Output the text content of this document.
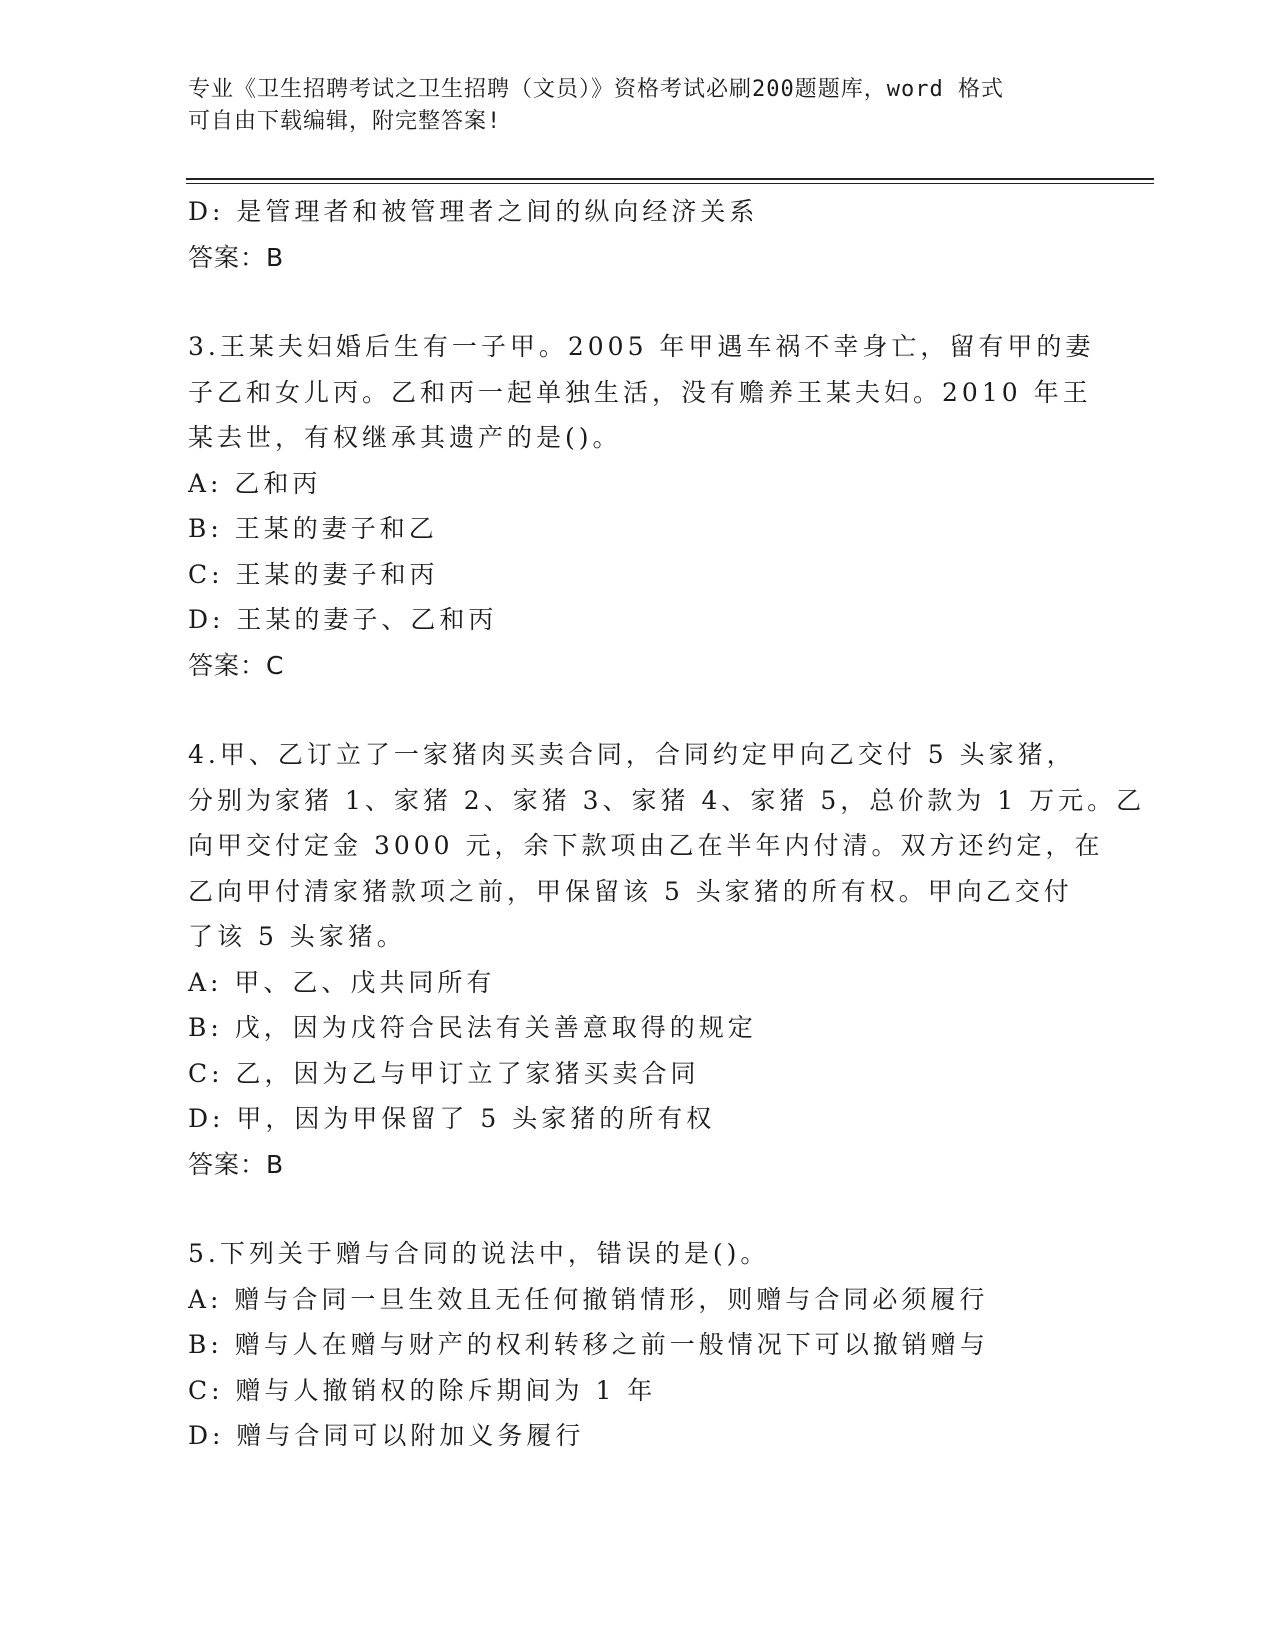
专业《卫生招聘考试之卫生招聘（文员）》资格考试必刷200题题库，word 格式
可自由下载编辑，附完整答案!
D: 是管理者和被管理者之间的纵向经济关系
答案：B
3.王某夫妇婚后生有一子甲。2005 年甲遇车祸不幸身亡，留有甲的妻
子乙和女儿丙。乙和丙一起单独生活，没有赡养王某夫妇。2010 年王
某去世，有权继承其遗产的是()。
A: 乙和丙
B: 王某的妻子和乙
C: 王某的妻子和丙
D: 王某的妻子、乙和丙
答案：C
4.甲、乙订立了一家猪肉买卖合同，合同约定甲向乙交付 5 头家猪，
分别为家猪 1、家猪 2、家猪 3、家猪 4、家猪 5，总价款为 1 万元。乙
向甲交付定金 3000 元，余下款项由乙在半年内付清。双方还约定，在
乙向甲付清家猪款项之前，甲保留该 5 头家猪的所有权。甲向乙交付
了该 5 头家猪。
A: 甲、乙、戊共同所有
B: 戊，因为戊符合民法有关善意取得的规定
C: 乙，因为乙与甲订立了家猪买卖合同
D: 甲，因为甲保留了 5 头家猪的所有权
答案：B
5.下列关于赠与合同的说法中，错误的是()。
A: 赠与合同一旦生效且无任何撤销情形，则赠与合同必须履行
B: 赠与人在赠与财产的权利转移之前一般情况下可以撤销赠与
C: 赠与人撤销权的除斥期间为 1 年
D: 赠与合同可以附加义务履行
